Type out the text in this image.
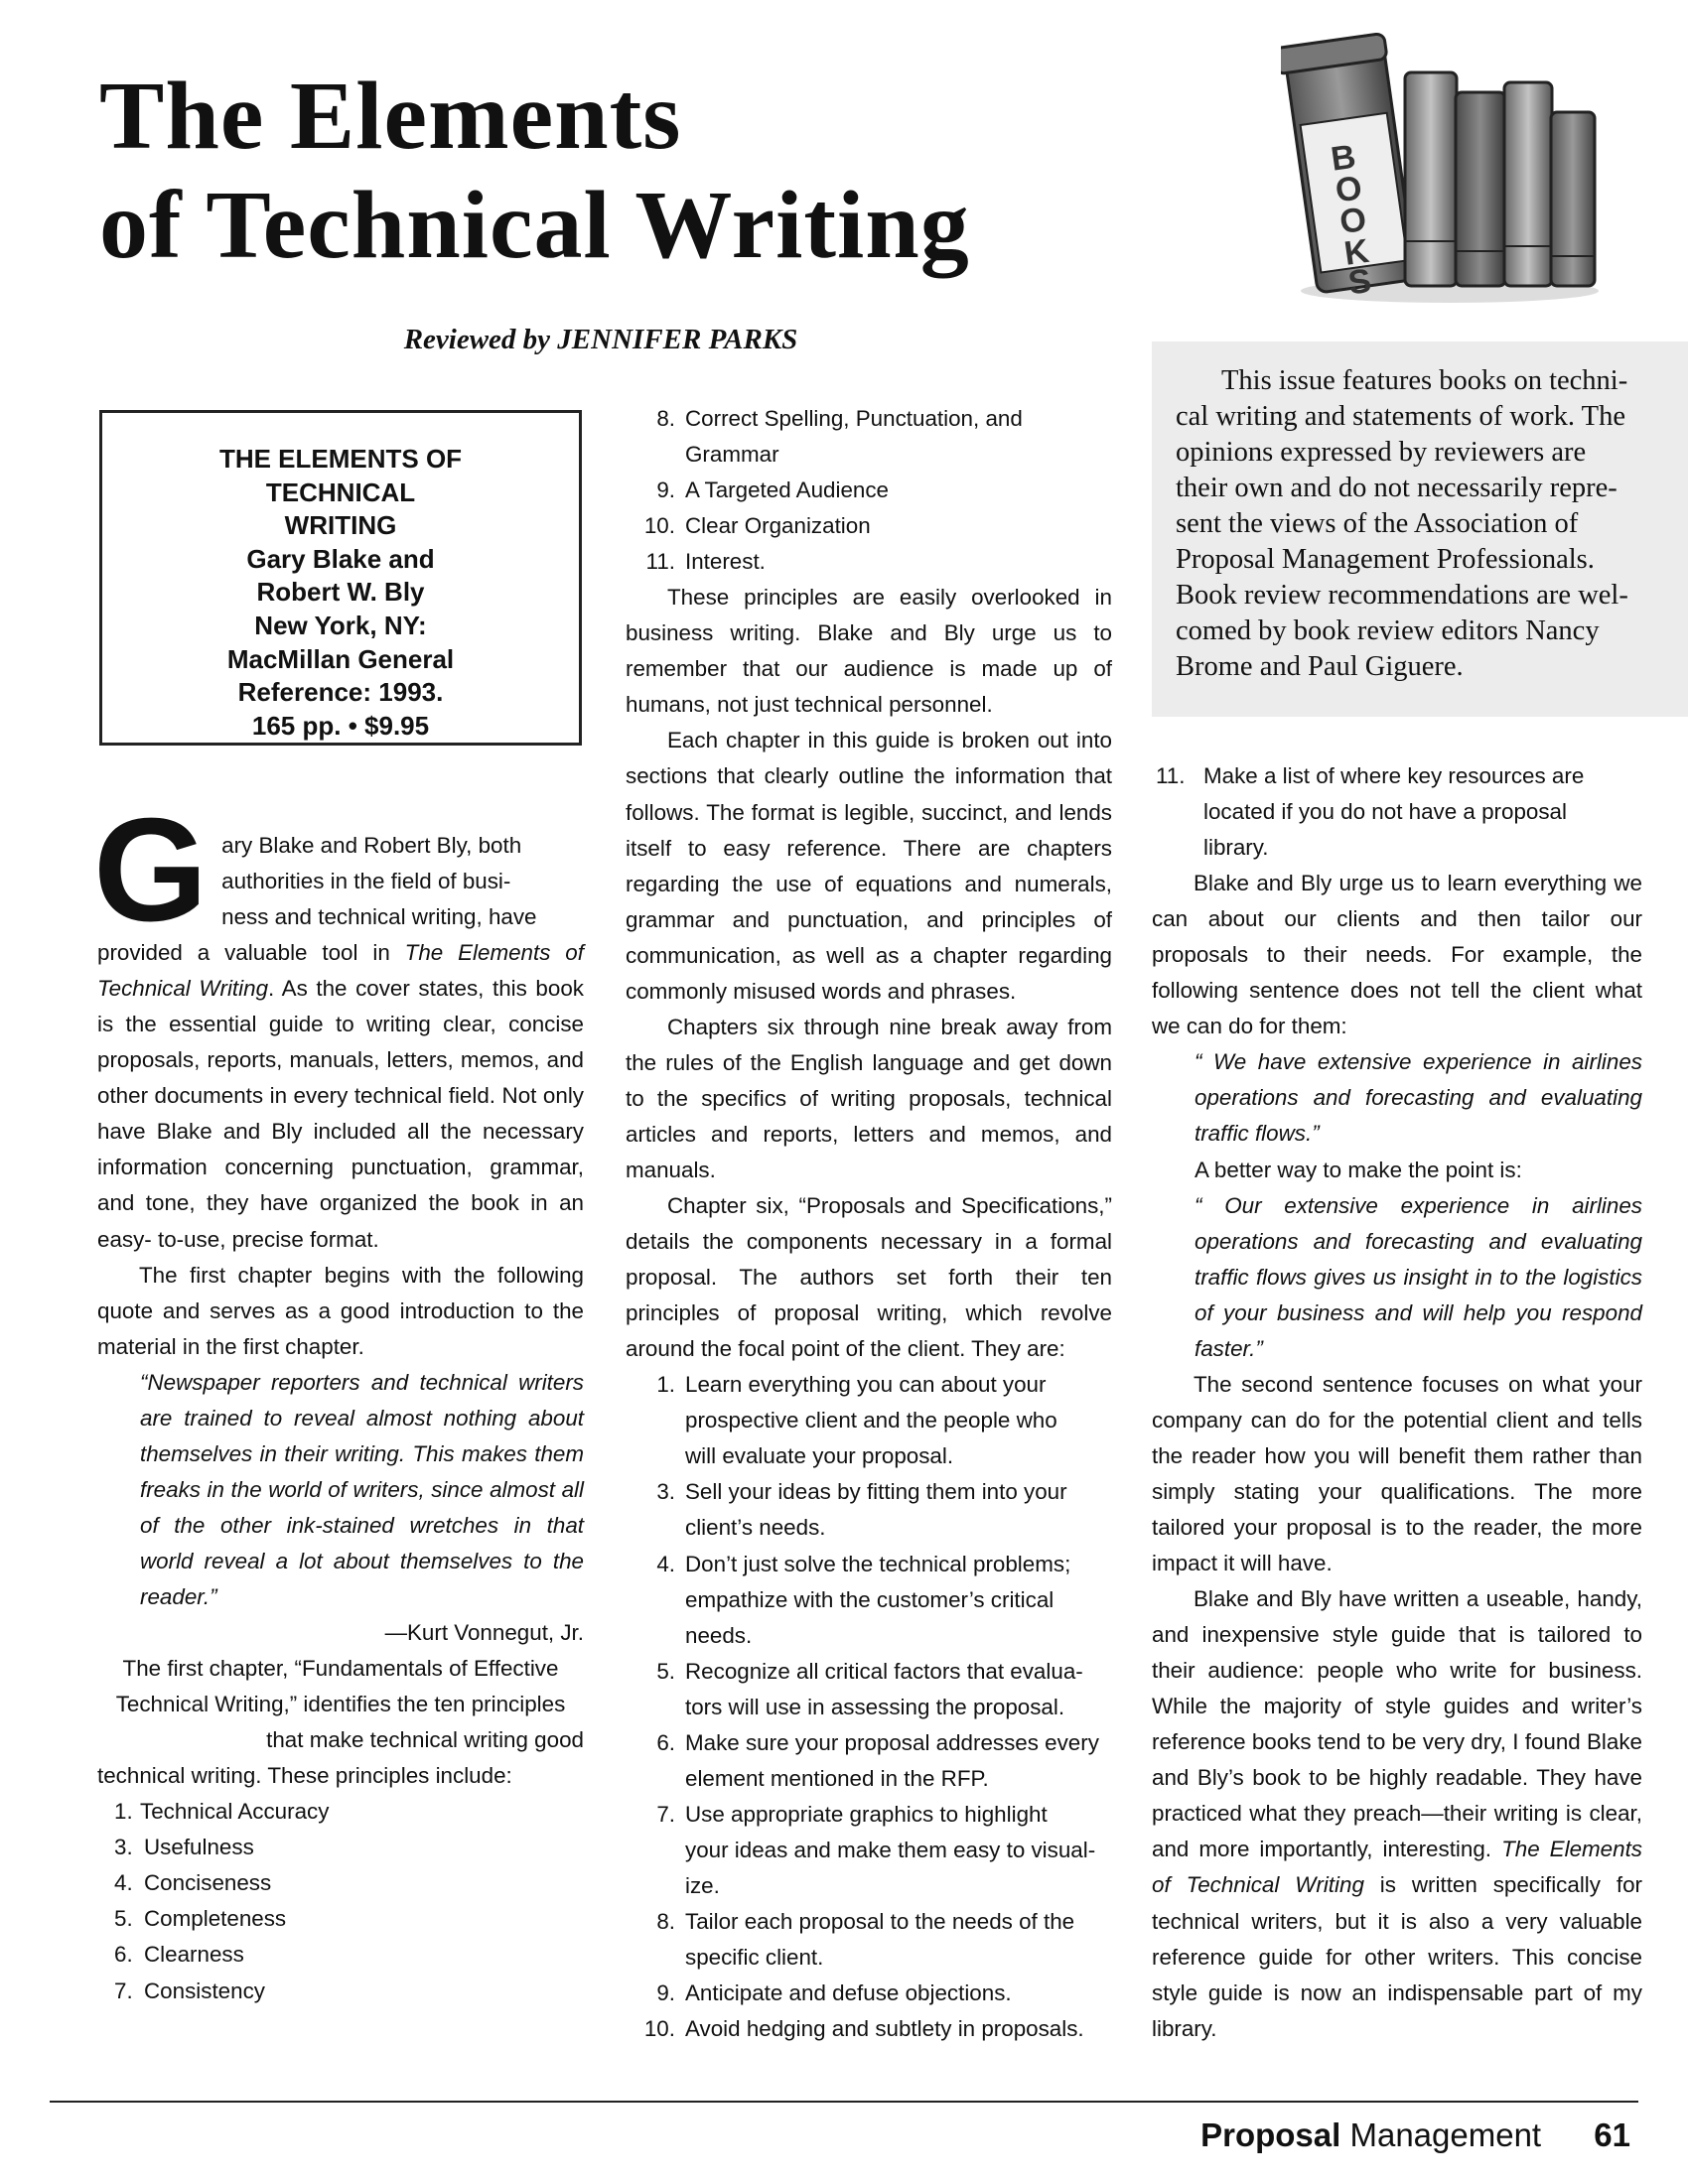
The Elements
of Technical Writing
B
O
O
K
S
Reviewed by JENNIFER PARKS
This issue features books on techni-
cal writing and statements of work. The
opinions expressed by reviewers are
their own and do not necessarily repre-
sent the views of the Association of
Proposal Management Professionals.
Book review recommendations are wel-
comed by book review editors Nancy
Brome and Paul Giguere.
THE ELEMENTS OF
TECHNICAL
WRITING
Gary Blake and
Robert W. Bly
New York, NY:
MacMillan General
Reference: 1993.
165 pp. • $9.95

G ary Blake and Robert Bly, both
authorities in the field of busi-
ness and technical writing, have
provided a valuable tool in The Elements of Technical Writing. As the cover states, this book is the essential guide to writing clear, concise proposals, reports, manuals, letters, memos, and other documents in every technical field. Not only have Blake and Bly included all the necessary information concerning punctuation, grammar, and tone, they have organized the book in an easy- to-use, precise format.

The first chapter begins with the following quote and serves as a good introduction to the material in the first chapter.

“Newspaper reporters and technical writers are trained to reveal almost nothing about themselves in their writing. This makes them freaks in the world of writers, since almost all of the other ink-stained wretches in that world reveal a lot about themselves to the reader.”

—Kurt Vonnegut, Jr.

The first chapter, “Fundamentals of Effective

Technical Writing,” identifies the ten principles

that make technical writing good

technical writing. These principles include:

1. Technical Accuracy
3. Usefulness
4. Conciseness
5. Completeness
6. Clearness
7. Consistency
8. Correct Spelling, Punctuation, and
Grammar
9. A Targeted Audience
10. Clear Organization
11. Interest.

These principles are easily overlooked in business writing. Blake and Bly urge us to remember that our audience is made up of humans, not just technical personnel.

Each chapter in this guide is broken out into sections that clearly outline the information that follows. The format is legible, succinct, and lends itself to easy reference. There are chapters regarding the use of equations and numerals, grammar and punctuation, and principles of communication, as well as a chapter regarding commonly misused words and phrases.

Chapters six through nine break away from the rules of the English language and get down to the specifics of writing proposals, technical articles and reports, letters and memos, and manuals.

Chapter six, “Proposals and Specifications,” details the components necessary in a formal proposal. The authors set forth their ten principles of proposal writing, which revolve around the focal point of the client. They are:

1. Learn everything you can about your
prospective client and the people who
will evaluate your proposal.
3. Sell your ideas by fitting them into your
client’s needs.
4. Don’t just solve the technical problems;
empathize with the customer’s critical
needs.
5. Recognize all critical factors that evalua-
tors will use in assessing the proposal.
6. Make sure your proposal addresses every
element mentioned in the RFP.
7. Use appropriate graphics to highlight
your ideas and make them easy to visual-
ize.
8. Tailor each proposal to the needs of the
specific client.
9. Anticipate and defuse objections.
10. Avoid hedging and subtlety in proposals.
11. Make a list of where key resources are
located if you do not have a proposal
library.

Blake and Bly urge us to learn everything we can about our clients and then tailor our proposals to their needs. For example, the following sentence does not tell the client what we can do for them:

“ We have extensive experience in airlines operations and forecasting and evaluating traffic flows.”

A better way to make the point is:

“ Our extensive experience in airlines operations and forecasting and evaluating traffic flows gives us insight in to the logistics of your business and will help you respond faster.”

The second sentence focuses on what your company can do for the potential client and tells the reader how you will benefit them rather than simply stating your qualifications. The more tailored your proposal is to the reader, the more impact it will have.

Blake and Bly have written a useable, handy, and inexpensive style guide that is tailored to their audience: people who write for business. While the majority of style guides and writer’s reference books tend to be very dry, I found Blake and Bly’s book to be highly readable. They have practiced what they preach—their writing is clear, and more importantly, interesting. The Elements of Technical Writing is written specifically for technical writers, but it is also a very valuable reference guide for other writers. This concise style guide is now an indispensable part of my library.

Proposal Management 61
